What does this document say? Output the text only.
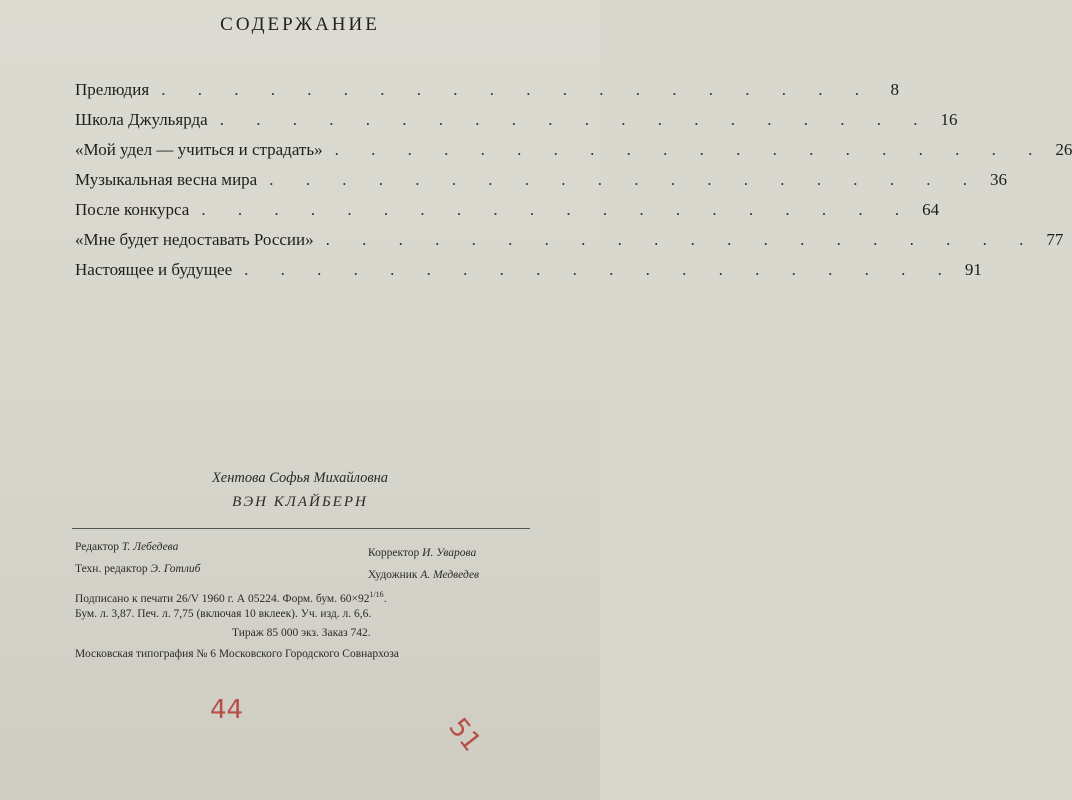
СОДЕРЖАНИЕ
Прелюдия . . . . . . . . . . . . . . . . . . . .	8
Школа Джульярда . . . . . . . . . . . . . . . . . . . . 16
«Мой удел — учиться и страдать» . . . . . . . . . . . . . . . . . . . . 26
Музыкальная весна мира . . . . . . . . . . . . . . . . . . . . 36
После конкурса . . . . . . . . . . . . . . . . . . . . 64
«Мне будет недоставать России» . . . . . . . . . . . . . . . . . . . . 77
Настоящее и будущее . . . . . . . . . . . . . . . . . . . . 91
Хентова Софья Михайловна
ВЭН КЛАЙБЕРН
Редактор Т. Лебедева	Корректор И. Уварова
Техн. редактор Э. Готлиб	Художник А. Медведев
Подписано к печати 26/V 1960 г. А 05224. Форм. бум. $60\times 92^{1/16}$.
Бум. л. 3,87. Печ. л. 7,75 (включая 10 вклеек). Уч. изд. л. 6,6.
Тираж 85 000 экз. Заказ 742.
Московская типография № 6 Московского Городского Совнархоза
44
51
